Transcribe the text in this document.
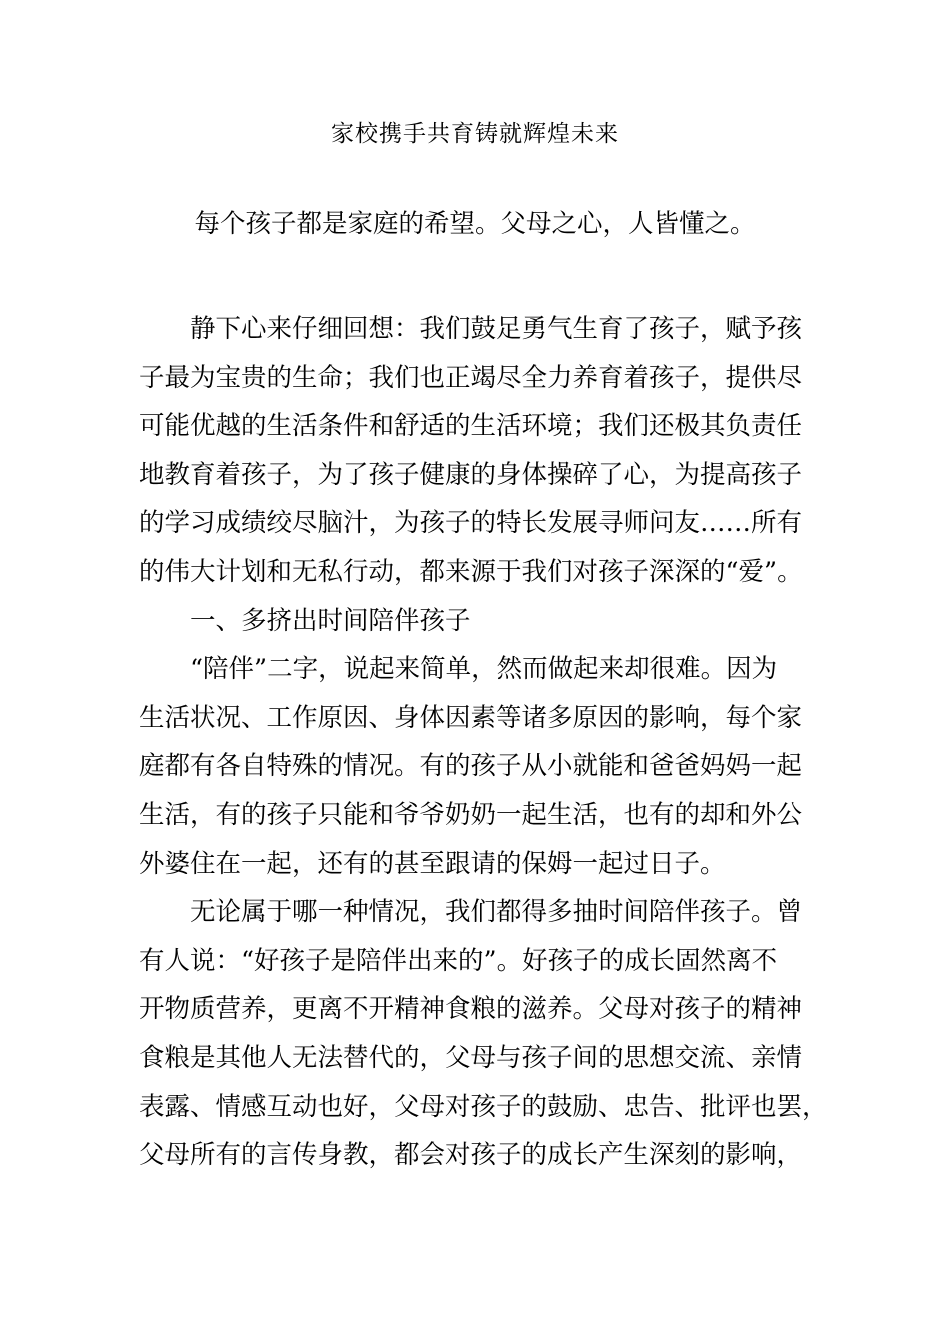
家校携手共育铸就辉煌未来
每个孩子都是家庭的希望。父母之心，人皆懂之。
静下心来仔细回想：我们鼓足勇气生育了孩子，赋予孩
子最为宝贵的生命；我们也正竭尽全力养育着孩子，提供尽
可能优越的生活条件和舒适的生活环境；我们还极其负责任
地教育着孩子，为了孩子健康的身体操碎了心，为提高孩子
的学习成绩绞尽脑汁，为孩子的特长发展寻师问友……所有
的伟大计划和无私行动，都来源于我们对孩子深深的“爱”。
一、多挤出时间陪伴孩子
“陪伴”二字，说起来简单，然而做起来却很难。因为
生活状况、工作原因、身体因素等诸多原因的影响，每个家
庭都有各自特殊的情况。有的孩子从小就能和爸爸妈妈一起
生活，有的孩子只能和爷爷奶奶一起生活，也有的却和外公
外婆住在一起，还有的甚至跟请的保姆一起过日子。
无论属于哪一种情况，我们都得多抽时间陪伴孩子。曾
有人说：“好孩子是陪伴出来的”。好孩子的成长固然离不
开物质营养，更离不开精神食粮的滋养。父母对孩子的精神
食粮是其他人无法替代的，父母与孩子间的思想交流、亲情
表露、情感互动也好，父母对孩子的鼓励、忠告、批评也罢，
父母所有的言传身教，都会对孩子的成长产生深刻的影响，
